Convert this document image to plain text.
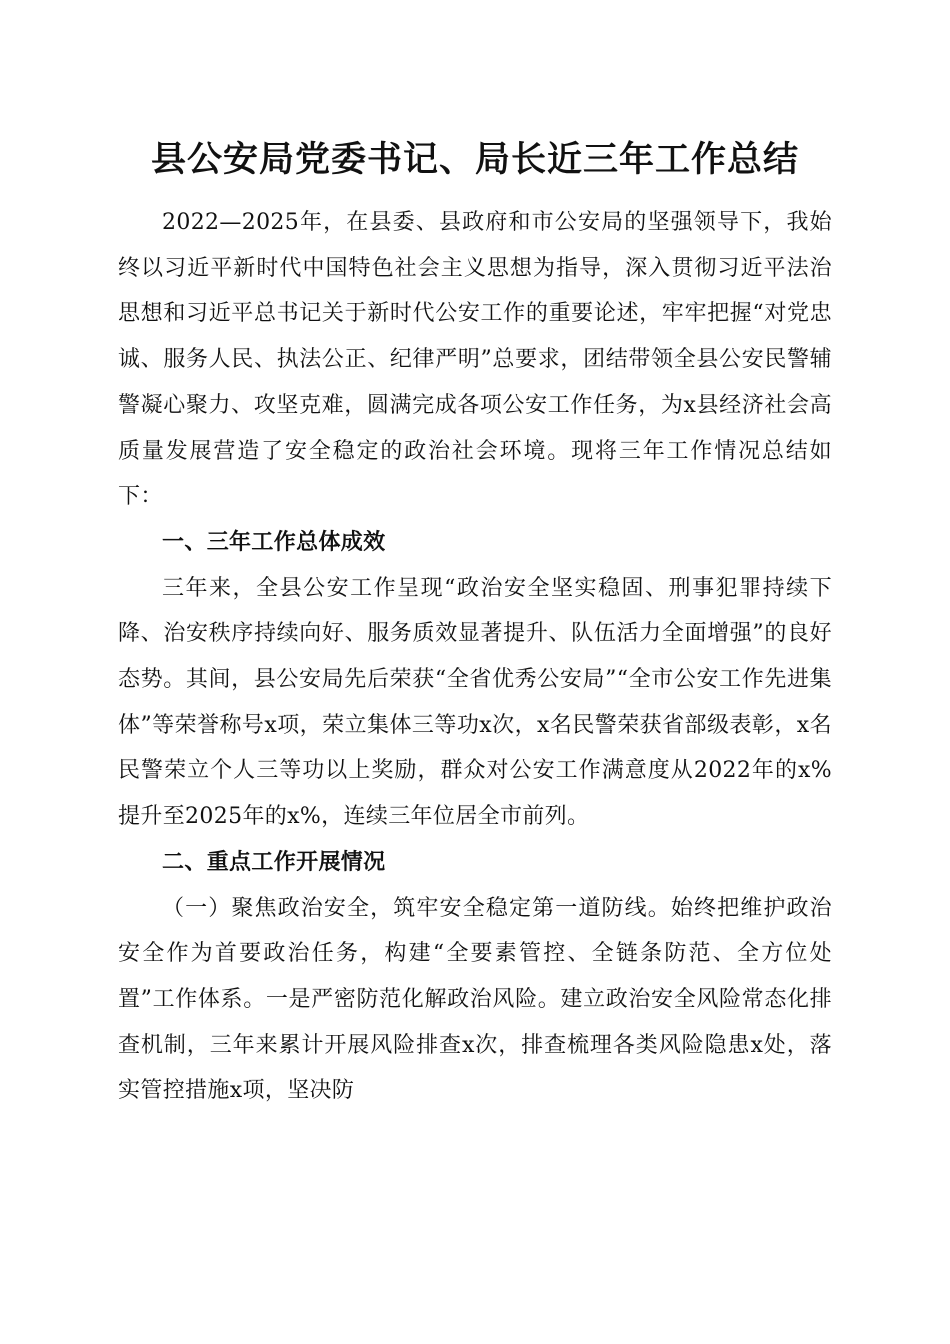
县公安局党委书记、局长近三年工作总结

2022—2025年，在县委、县政府和市公安局的坚强领导下，我始终以习近平新时代中国特色社会主义思想为指导，深入贯彻习近平法治思想和习近平总书记关于新时代公安工作的重要论述，牢牢把握“对党忠诚、服务人民、执法公正、纪律严明”总要求，团结带领全县公安民警辅警凝心聚力、攻坚克难，圆满完成各项公安工作任务，为x县经济社会高质量发展营造了安全稳定的政治社会环境。现将三年工作情况总结如下：

一、三年工作总体成效

三年来，全县公安工作呈现“政治安全坚实稳固、刑事犯罪持续下降、治安秩序持续向好、服务质效显著提升、队伍活力全面增强”的良好态势。其间，县公安局先后荣获“全省优秀公安局”“全市公安工作先进集体”等荣誉称号x项，荣立集体三等功x次，x名民警荣获省部级表彰，x名民警荣立个人三等功以上奖励，群众对公安工作满意度从2022年的x%提升至2025年的x%，连续三年位居全市前列。

二、重点工作开展情况

（一）聚焦政治安全，筑牢安全稳定第一道防线。始终把维护政治安全作为首要政治任务，构建“全要素管控、全链条防范、全方位处置”工作体系。一是严密防范化解政治风险。建立政治安全风险常态化排查机制，三年来累计开展风险排查x次，排查梳理各类风险隐患x处，落实管控措施x项，坚决防
